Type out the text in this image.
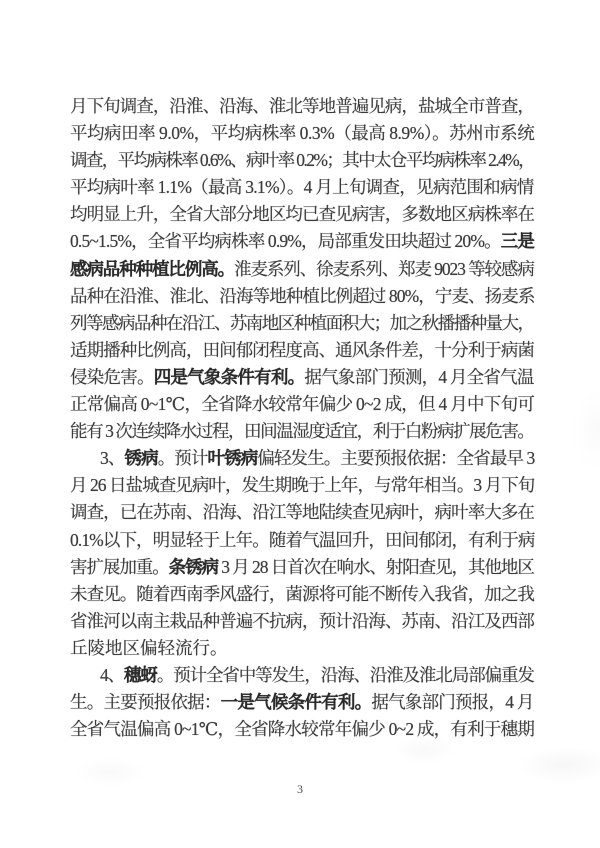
月下旬调查，沿淮、沿海、淮北等地普遍见病，盐城全市普查，
平均病田率 9.0%，平均病株率 0.3%（最高 8.9%）。苏州市系统
调查，平均病株率 0.6%、病叶率 0.2%；其中太仓平均病株率 2.4%，
平均病叶率 1.1%（最高 3.1%）。4 月上旬调查，见病范围和病情
均明显上升，全省大部分地区均已查见病害，多数地区病株率在
0.5~1.5%，全省平均病株率 0.9%，局部重发田块超过 20%。三是
感病品种种植比例高。淮麦系列、徐麦系列、郑麦 9023 等较感病
品种在沿淮、淮北、沿海等地种植比例超过 80%，宁麦、扬麦系
列等感病品种在沿江、苏南地区种植面积大；加之秋播播种量大，
适期播种比例高，田间郁闭程度高、通风条件差，十分利于病菌
侵染危害。四是气象条件有利。据气象部门预测，4 月全省气温
正常偏高 0~1℃，全省降水较常年偏少 0~2 成，但 4 月中下旬可
能有 3 次连续降水过程，田间温湿度适宜，利于白粉病扩展危害。
3、锈病。预计叶锈病偏轻发生。主要预报依据：全省最早 3
月 26 日盐城查见病叶，发生期晚于上年，与常年相当。3 月下旬
调查，已在苏南、沿海、沿江等地陆续查见病叶，病叶率大多在
0.1%以下，明显轻于上年。随着气温回升，田间郁闭，有利于病
害扩展加重。条锈病 3 月 28 日首次在响水、射阳查见，其他地区
未查见。随着西南季风盛行，菌源将可能不断传入我省，加之我
省淮河以南主栽品种普遍不抗病，预计沿海、苏南、沿江及西部
丘陵地区偏轻流行。
4、穗蚜。预计全省中等发生，沿海、沿淮及淮北局部偏重发
生。主要预报依据：一是气候条件有利。据气象部门预报，4 月
全省气温偏高 0~1℃，全省降水较常年偏少 0~2 成，有利于穗期
3
